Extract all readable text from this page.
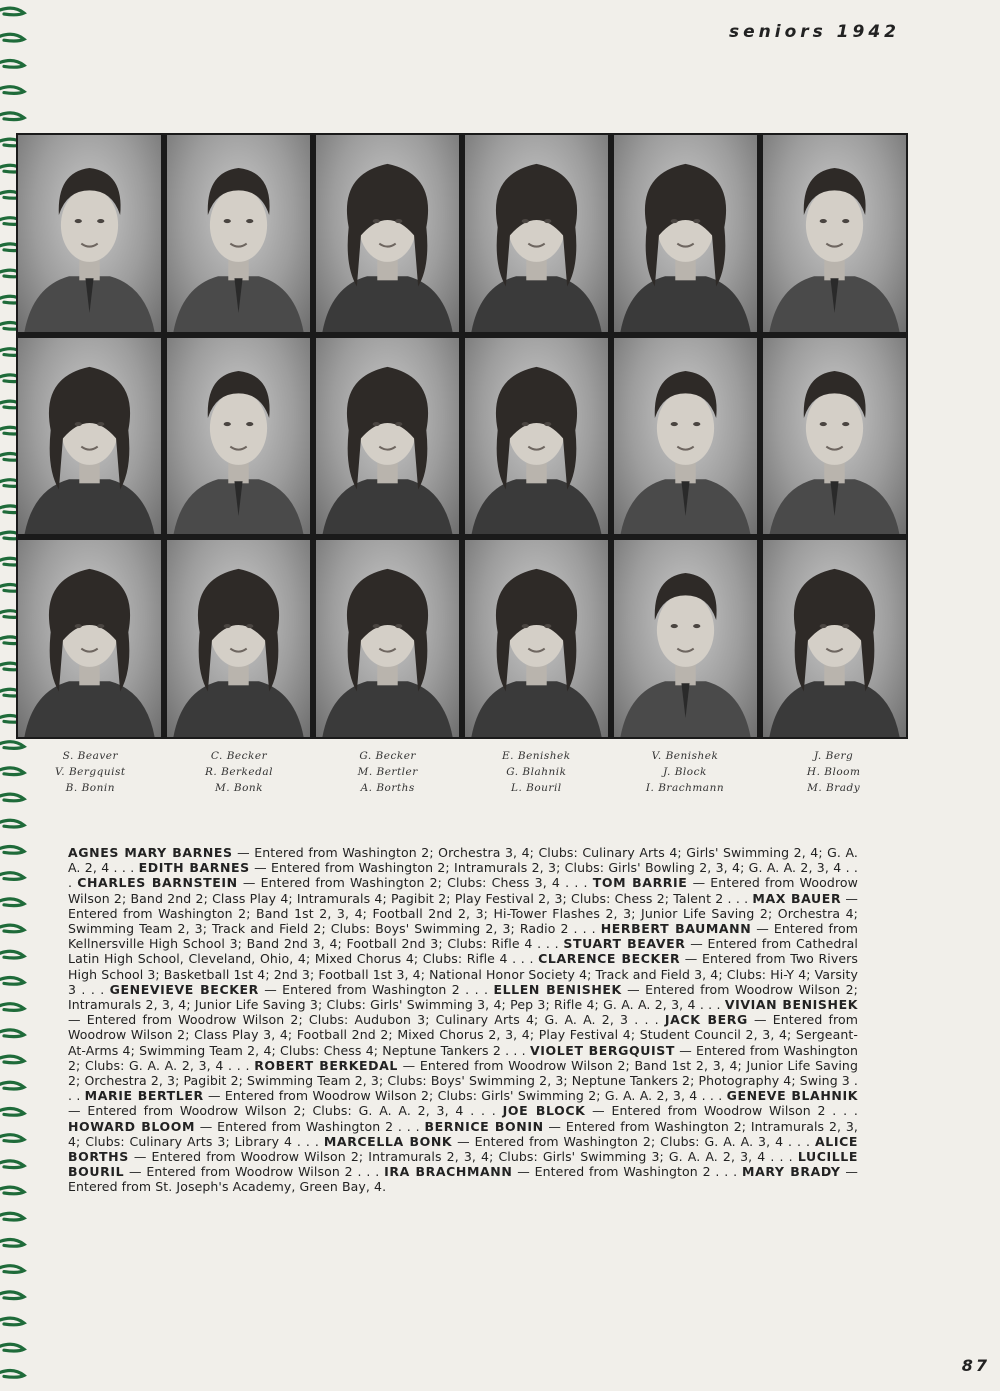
seniors 1942
S. Beaver
V. Bergquist
B. Bonin
C. Becker
R. Berkedal
M. Bonk
G. Becker
M. Bertler
A. Borths
E. Benishek
G. Blahnik
L. Bouril
V. Benishek
J. Block
I. Brachmann
J. Berg
H. Bloom
M. Brady
AGNES MARY BARNES — Entered from Washington 2; Orchestra 3, 4; Clubs: Culinary Arts 4; Girls' Swimming 2, 4; G. A. A. 2, 4 . . . EDITH BARNES — Entered from Washington 2; Intramurals 2, 3; Clubs: Girls' Bowling 2, 3, 4; G. A. A. 2, 3, 4 . . . CHARLES BARNSTEIN — Entered from Washington 2; Clubs: Chess 3, 4 . . . TOM BARRIE — Entered from Woodrow Wilson 2; Band 2nd 2; Class Play 4; Intramurals 4; Pagibit 2; Play Festival 2, 3; Clubs: Chess 2; Talent 2 . . . MAX BAUER — Entered from Washington 2; Band 1st 2, 3, 4; Football 2nd 2, 3; Hi-Tower Flashes 2, 3; Junior Life Saving 2; Orchestra 4; Swimming Team 2, 3; Track and Field 2; Clubs: Boys' Swimming 2, 3; Radio 2 . . . HERBERT BAUMANN — Entered from Kellnersville High School 3; Band 2nd 3, 4; Football 2nd 3; Clubs: Rifle 4 . . . STUART BEAVER — Entered from Cathedral Latin High School, Cleveland, Ohio, 4; Mixed Chorus 4; Clubs: Rifle 4 . . . CLARENCE BECKER — Entered from Two Rivers High School 3; Basketball 1st 4; 2nd 3; Football 1st 3, 4; National Honor Society 4; Track and Field 3, 4; Clubs: Hi-Y 4; Varsity 3 . . . GENEVIEVE BECKER — Entered from Washington 2 . . . ELLEN BENISHEK — Entered from Woodrow Wilson 2; Intramurals 2, 3, 4; Junior Life Saving 3; Clubs: Girls' Swimming 3, 4; Pep 3; Rifle 4; G. A. A. 2, 3, 4 . . . VIVIAN BENISHEK — Entered from Woodrow Wilson 2; Clubs: Audubon 3; Culinary Arts 4; G. A. A. 2, 3 . . . JACK BERG — Entered from Woodrow Wilson 2; Class Play 3, 4; Football 2nd 2; Mixed Chorus 2, 3, 4; Play Festival 4; Student Council 2, 3, 4; Sergeant-At-Arms 4; Swimming Team 2, 4; Clubs: Chess 4; Neptune Tankers 2 . . . VIOLET BERGQUIST — Entered from Washington 2; Clubs: G. A. A. 2, 3, 4 . . . ROBERT BERKEDAL — Entered from Woodrow Wilson 2; Band 1st 2, 3, 4; Junior Life Saving 2; Orchestra 2, 3; Pagibit 2; Swimming Team 2, 3; Clubs: Boys' Swimming 2, 3; Neptune Tankers 2; Photography 4; Swing 3 . . . MARIE BERTLER — Entered from Woodrow Wilson 2; Clubs: Girls' Swimming 2; G. A. A. 2, 3, 4 . . . GENEVE BLAHNIK — Entered from Woodrow Wilson 2; Clubs: G. A. A. 2, 3, 4 . . . JOE BLOCK — Entered from Woodrow Wilson 2 . . . HOWARD BLOOM — Entered from Washington 2 . . . BERNICE BONIN — Entered from Washington 2; Intramurals 2, 3, 4; Clubs: Culinary Arts 3; Library 4 . . . MARCELLA BONK — Entered from Washington 2; Clubs: G. A. A. 3, 4 . . . ALICE BORTHS — Entered from Woodrow Wilson 2; Intramurals 2, 3, 4; Clubs: Girls' Swimming 3; G. A. A. 2, 3, 4 . . . LUCILLE BOURIL — Entered from Woodrow Wilson 2 . . . IRA BRACHMANN — Entered from Washington 2 . . . MARY BRADY — Entered from St. Joseph's Academy, Green Bay, 4.
87
